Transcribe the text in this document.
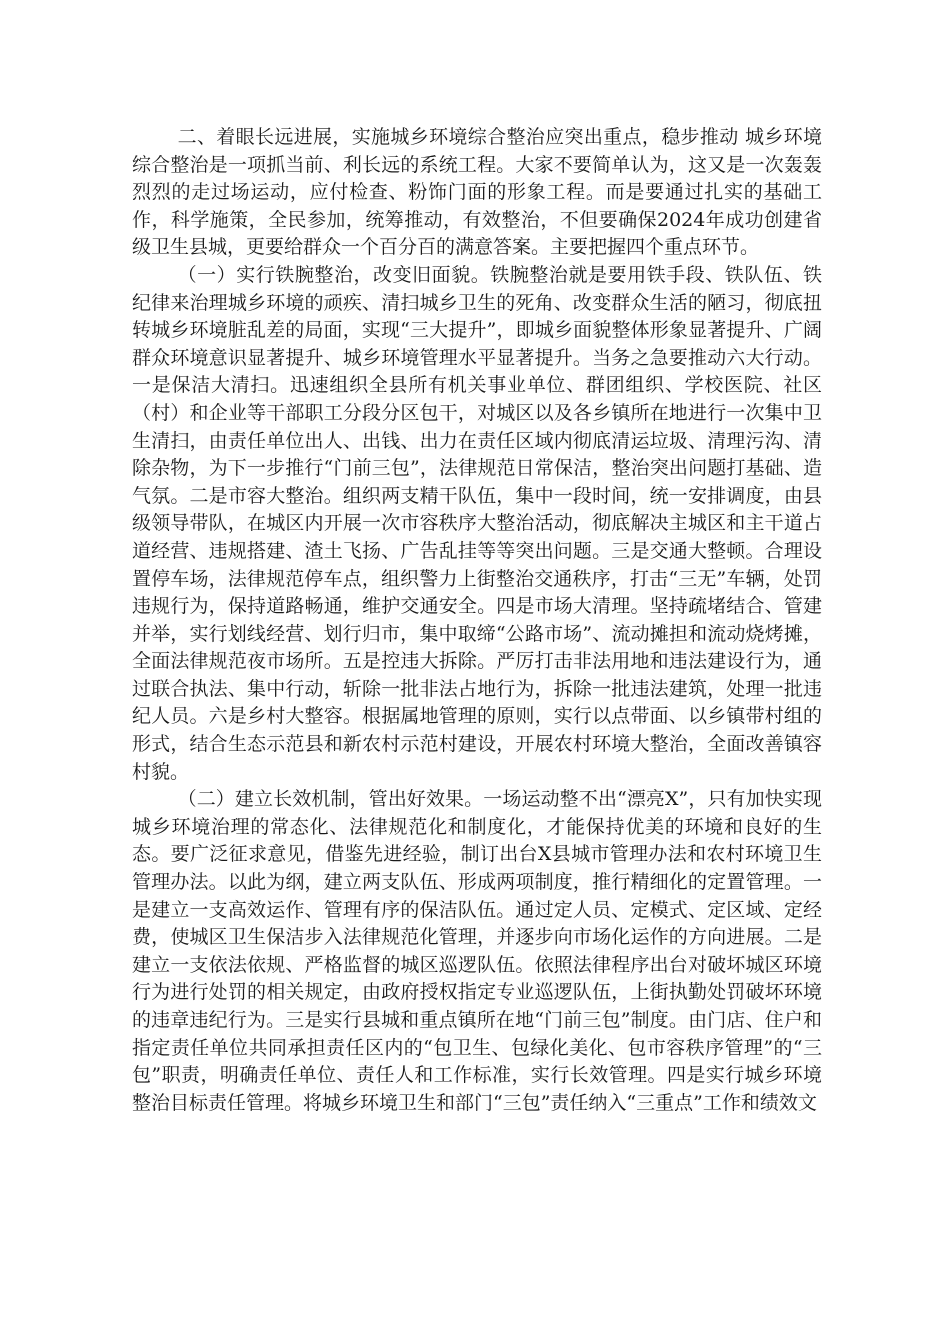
二、着眼长远进展，实施城乡环境综合整治应突出重点，稳步推动 城乡环境综合整治是一项抓当前、利长远的系统工程。大家不要简单认为，这又是一次轰轰烈烈的走过场运动，应付检查、粉饰门面的形象工程。而是要通过扎实的基础工作，科学施策，全民参加，统筹推动，有效整治，不但要确保2024年成功创建省级卫生县城，更要给群众一个百分百的满意答案。主要把握四个重点环节。

（一）实行铁腕整治，改变旧面貌。铁腕整治就是要用铁手段、铁队伍、铁纪律来治理城乡环境的顽疾、清扫城乡卫生的死角、改变群众生活的陋习，彻底扭转城乡环境脏乱差的局面，实现“三大提升”，即城乡面貌整体形象显著提升、广阔群众环境意识显著提升、城乡环境管理水平显著提升。当务之急要推动六大行动。一是保洁大清扫。迅速组织全县所有机关事业单位、群团组织、学校医院、社区（村）和企业等干部职工分段分区包干，对城区以及各乡镇所在地进行一次集中卫生清扫，由责任单位出人、出钱、出力在责任区域内彻底清运垃圾、清理污沟、清除杂物，为下一步推行“门前三包”，法律规范日常保洁，整治突出问题打基础、造气氛。二是市容大整治。组织两支精干队伍，集中一段时间，统一安排调度，由县级领导带队，在城区内开展一次市容秩序大整治活动，彻底解决主城区和主干道占道经营、违规搭建、渣土飞扬、广告乱挂等等突出问题。三是交通大整顿。合理设置停车场，法律规范停车点，组织警力上街整治交通秩序，打击“三无”车辆，处罚违规行为，保持道路畅通，维护交通安全。四是市场大清理。坚持疏堵结合、管建并举，实行划线经营、划行归市，集中取缔“公路市场”、流动摊担和流动烧烤摊，全面法律规范夜市场所。五是控违大拆除。严厉打击非法用地和违法建设行为，通过联合执法、集中行动，斩除一批非法占地行为，拆除一批违法建筑，处理一批违纪人员。六是乡村大整容。根据属地管理的原则，实行以点带面、以乡镇带村组的形式，结合生态示范县和新农村示范村建设，开展农村环境大整治，全面改善镇容村貌。

（二）建立长效机制，管出好效果。一场运动整不出“漂亮X”，只有加快实现城乡环境治理的常态化、法律规范化和制度化，才能保持优美的环境和良好的生态。要广泛征求意见，借鉴先进经验，制订出台X县城市管理办法和农村环境卫生管理办法。以此为纲，建立两支队伍、形成两项制度，推行精细化的定置管理。一是建立一支高效运作、管理有序的保洁队伍。通过定人员、定模式、定区域、定经费，使城区卫生保洁步入法律规范化管理，并逐步向市场化运作的方向进展。二是建立一支依法依规、严格监督的城区巡逻队伍。依照法律程序出台对破坏城区环境行为进行处罚的相关规定，由政府授权指定专业巡逻队伍，上街执勤处罚破坏环境的违章违纪行为。三是实行县城和重点镇所在地“门前三包”制度。由门店、住户和指定责任单位共同承担责任区内的“包卫生、包绿化美化、包市容秩序管理”的“三包”职责，明确责任单位、责任人和工作标准，实行长效管理。四是实行城乡环境整治目标责任管理。将城乡环境卫生和部门“三包”责任纳入“三重点”工作和绩效文
